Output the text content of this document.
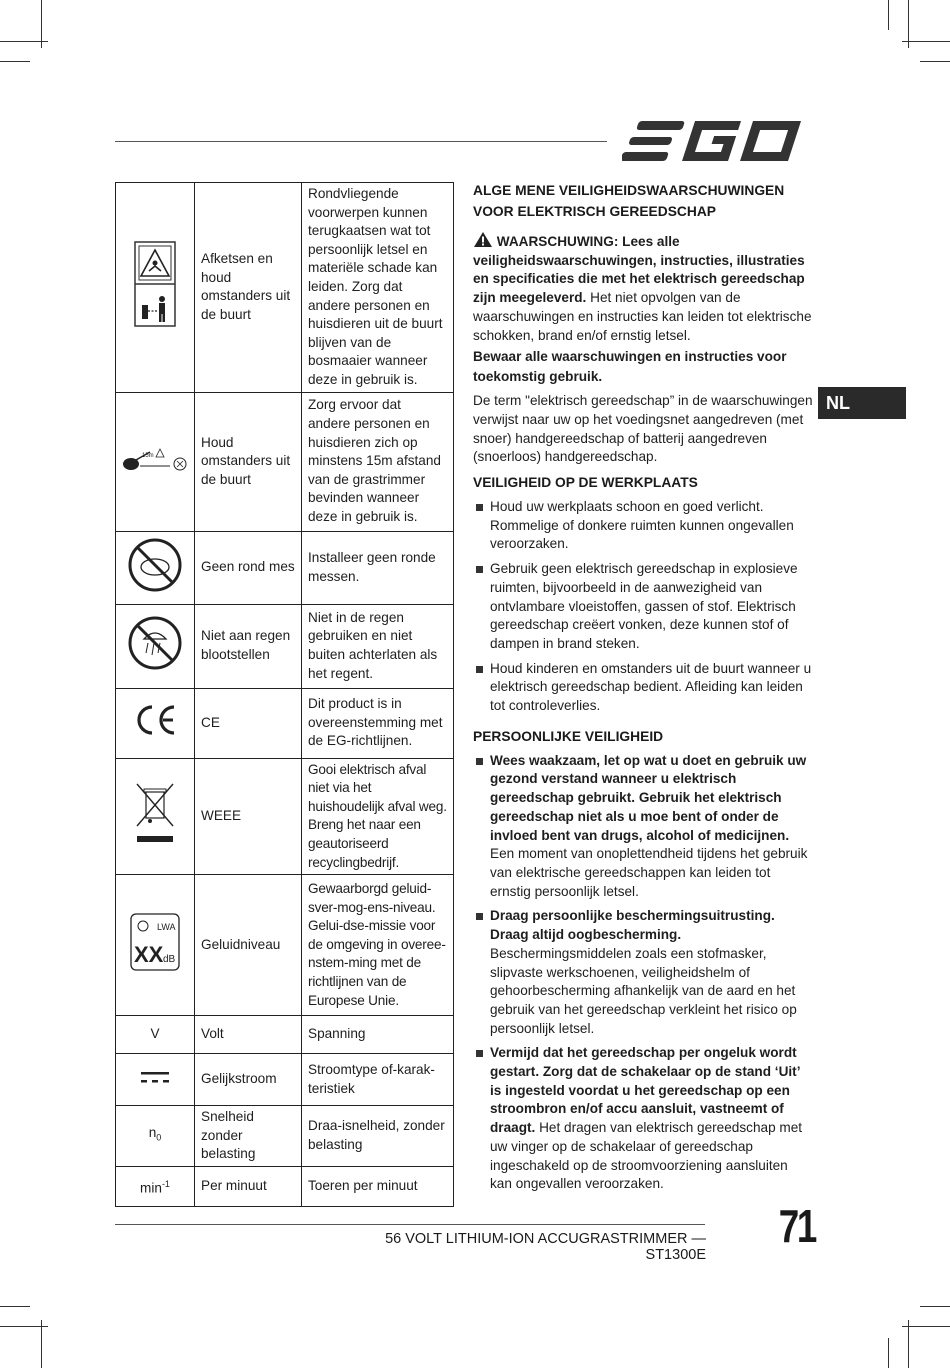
NL
	Afketsen en houd omstanders uit de buurt	Rondvliegende voorwerpen kunnen terugkaatsen wat tot persoonlijk letsel en materiële schade kan leiden. Zorg dat andere personen en huisdieren uit de buurt blijven van de bosmaaier wanneer deze in gebruik is.

15m	Houd omstanders uit de buurt	Zorg ervoor dat andere personen en huisdieren zich op minstens 15m afstand van de grastrimmer bevinden wanneer deze in gebruik is.
	Geen rond mes	Installeer geen ronde messen.
	Niet aan regen blootstellen	Niet in de regen gebruiken en niet buiten achterlaten als het regent.
	CE	Dit product is in overeenstemming met de EG-richtlijnen.
	WEEE	Gooi elektrisch afval niet via het huishoudelijk afval weg. Breng het naar een geautoriseerd recyclingbedrijf.

LWA
XX dB	Geluidniveau	Gewaarborgd geluid-sver-mog-ens-niveau. Gelui-dse-missie voor de omgeving in overee-nstem-ming met de richtlijnen van de Europese Unie.
V	Volt	Spanning
	Gelijkstroom	Stroomtype of-karak-teristiek
$n_0$	Snelheid zonder belasting	Draa-isnelheid, zonder belasting
$\min^{-1}$	Per minuut	Toeren per minuut
ALGE MENE VEILIGHEIDSWAARSCHUWINGEN VOOR ELEKTRISCH GEREEDSCHAP

WAARSCHUWING: Lees alle veiligheidswaarschuwingen, instructies, illustraties en specificaties die met het elektrisch gereedschap zijn meegeleverd. Het niet opvolgen van de waarschuwingen en instructies kan leiden tot elektrische schokken, brand en/of ernstig letsel.

Bewaar alle waarschuwingen en instructies voor toekomstig gebruik.

De term "elektrisch gereedschap” in de waarschuwingen verwijst naar uw op het voedingsnet aangedreven (met snoer) handgereedschap of batterij aangedreven (snoerloos) handgereedschap.

VEILIGHEID OP DE WERKPLAATS
Houd uw werkplaats schoon en goed verlicht. Rommelige of donkere ruimten kunnen ongevallen veroorzaken.
Gebruik geen elektrisch gereedschap in explosieve ruimten, bijvoorbeeld in de aanwezigheid van ontvlambare vloeistoffen, gassen of stof. Elektrisch gereedschap creëert vonken, deze kunnen stof of dampen in brand steken.
Houd kinderen en omstanders uit de buurt wanneer u elektrisch gereedschap bedient. Afleiding kan leiden tot controleverlies.
PERSOONLIJKE VEILIGHEID
Wees waakzaam, let op wat u doet en gebruik uw gezond verstand wanneer u elektrisch gereedschap gebruikt. Gebruik het elektrisch gereedschap niet als u moe bent of onder de invloed bent van drugs, alcohol of medicijnen. Een moment van onoplettendheid tijdens het gebruik van elektrische gereedschappen kan leiden tot ernstig persoonlijk letsel.
Draag persoonlijke beschermingsuitrusting. Draag altijd oogbescherming. Beschermingsmiddelen zoals een stofmasker, slipvaste werkschoenen, veiligheidshelm of gehoorbescherming afhankelijk van de aard en het gebruik van het gereedschap verkleint het risico op persoonlijk letsel.
Vermijd dat het gereedschap per ongeluk wordt gestart. Zorg dat de schakelaar op de stand ‘Uit’ is ingesteld voordat u het gereedschap op een stroombron en/of accu aansluit, vastneemt of draagt. Het dragen van elektrisch gereedschap met uw vinger op de schakelaar of gereedschap ingeschakeld op de stroomvoorziening aansluiten kan ongevallen veroorzaken.
56 VOLT LITHIUM-ION ACCUGRASTRIMMER — ST1300E
71
